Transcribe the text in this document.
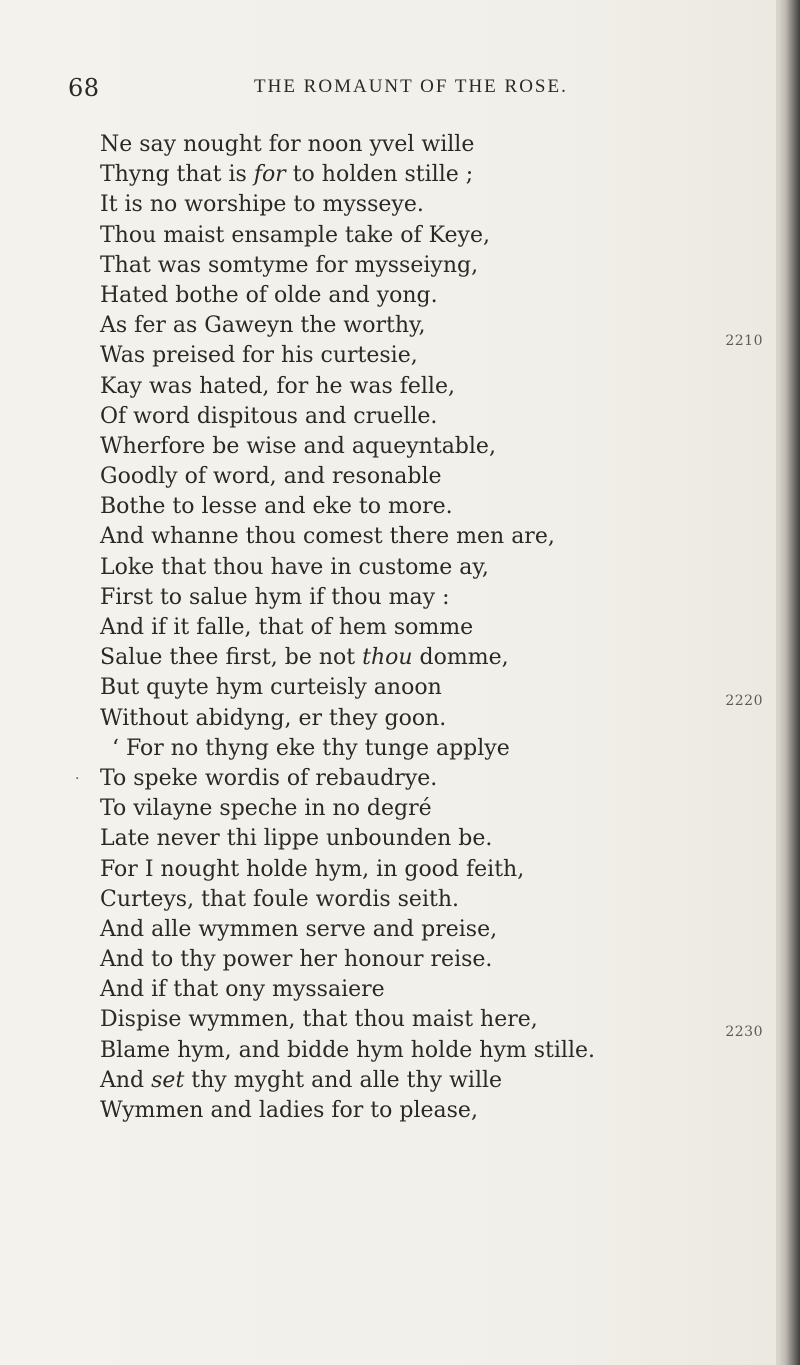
68	THE ROMAUNT OF THE ROSE.
Ne say nought for noon yvel wille
Thyng that is for to holden stille ;
It is no worshipe to mysseye.
Thou maist ensample take of Keye,
That was somtyme for mysseiyng,
Hated bothe of olde and yong.
As fer as Gaweyn the worthy,
Was preised for his curtesie,
Kay was hated, for he was felle,
Of word dispitous and cruelle.
Wherfore be wise and aqueyntable,
Goodly of word, and resonable
Bothe to lesse and eke to more.
And whanne thou comest there men are,
Loke that thou have in custome ay,
First to salue hym if thou may :
And if it falle, that of hem somme
Salue thee first, be not thou domme,
But quyte hym curteisly anoon
Without abidyng, er they goon.
‘ For no thyng eke thy tunge applye
· To speke wordis of rebaudrye.
To vilayne speche in no degré
Late never thi lippe unbounden be.
For I nought holde hym, in good feith,
Curteys, that foule wordis seith.
And alle wymmen serve and preise,
And to thy power her honour reise.
And if that ony myssaiere
Dispise wymmen, that thou maist here,
Blame hym, and bidde hym holde hym stille.
And set thy myght and alle thy wille
Wymmen and ladies for to please,
2210
2220
2230
